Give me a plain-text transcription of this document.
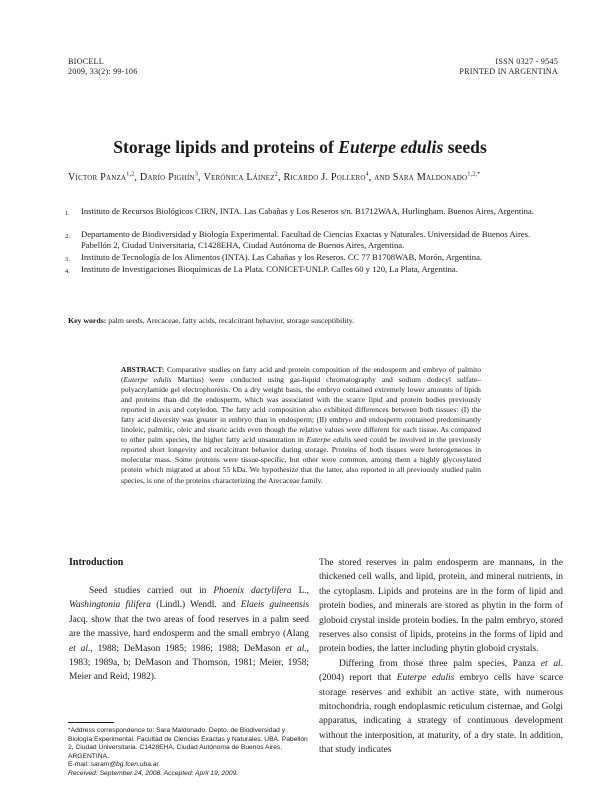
BIOCELL
2009, 33(2): 99-106
ISSN 0327 - 9545
PRINTED IN ARGENTINA
Storage lipids and proteins of Euterpe edulis seeds
Víctor Panza$^{1,2}$, Darío Pighín$^3$, Verónica Láinez$^2$, Ricardo J. Pollero$^4$, and Sara Maldonado$^{1,2,*}$
1. Instituto de Recursos Biológicos CIRN, INTA. Las Cabañas y Los Reseros s/n. B1712WAA, Hurlingham. Buenos Aires, Argentina.
2. Departamento de Biodiversidad y Biología Experimental. Facultad de Ciencias Exactas y Naturales. Universidad de Buenos Aires. Pabellón 2, Ciudad Universitaria, C1428EHA, Ciudad Autónoma de Buenos Aires, Argentina.
3. Instituto de Tecnología de los Alimentos (INTA). Las Cabañas y los Reseros. CC 77 B1708WAB, Morón, Argentina.
4. Instituto de Investigaciones Bioquímicas de La Plata. CONICET-UNLP. Calles 60 y 120, La Plata, Argentina.
Key words: palm seeds, Arecaceae, fatty acids, recalcitrant behavior, storage susceptibility.
ABSTRACT: Comparative studies on fatty acid and protein composition of the endosperm and embryo of palmito (Euterpe edulis Martius) were conducted using gas-liquid chromatography and sodium dodecyl sulfate–polyacrylamide gel electrophoresis. On a dry weight basis, the embryo contained extremely lower amounts of lipids and proteins than did the endosperm, which was associated with the scarce lipid and protein bodies previously reported in axis and cotyledon. The fatty acid composition also exhibited differences between both tissues: (I) the fatty acid diversity was greater in embryo than in endosperm; (II) embryo and endosperm contained predominantly linoleic, palmitic, oleic and stearic acids even though the relative values were different for each tissue. As compared to other palm species, the higher fatty acid unsaturation in Euterpe edulis seed could be involved in the previously reported short longevity and recalcitrant behavior during storage. Proteins of both tissues were heterogeneous in molecular mass. Some proteins were tissue-specific, but other were common, among them a highly glycosylated protein which migrated at about 55 kDa. We hypothesize that the latter, also reported in all previously studied palm species, is one of the proteins characterizing the Arecaceae family.
Introduction
Seed studies carried out in Phoenix dactylifera L., Washingtonia filifera (Lindl.) Wendl. and Elaeis guineensis Jacq. show that the two areas of food reserves in a palm seed are the massive, hard endosperm and the small embryo (Alang et al., 1988; DeMason 1985; 1986; 1988; DeMason et al., 1983; 1989a, b; DeMason and Thomson, 1981; Meier, 1958; Meier and Reid, 1982).
*Address correspondence to: Sara Maldonado. Depto. de Biodiversidad y Biología Experimental. Facultad de Ciencias Exactas y Naturales. UBA. Pabellón 2, Ciudad Universitaria. C1428EHA, Ciudad Autónoma de Buenos Aires, ARGENTINA.
E-mail: saram@bg.fcen.uba.ar
Received: September 24, 2008. Accepted: April 19, 2009.
The stored reserves in palm endosperm are mannans, in the thickened cell walls, and lipid, protein, and mineral nutrients, in the cytoplasm. Lipids and proteins are in the form of lipid and protein bodies, and minerals are stored as phytin in the form of globoid crystal inside protein bodies. In the palm embryo, stored reserves also consist of lipids, proteins in the forms of lipid and protein bodies, the latter including phytin globoid crystals.
Differing from those three palm species, Panza et al. (2004) report that Euterpe edulis embryo cells have scarce storage reserves and exhibit an active state, with numerous mitochondria, rough endoplasmic reticulum cisternae, and Golgi apparatus, indicating a strategy of continuous development without the interposition, at maturity, of a dry state. In addition, that study indicates
